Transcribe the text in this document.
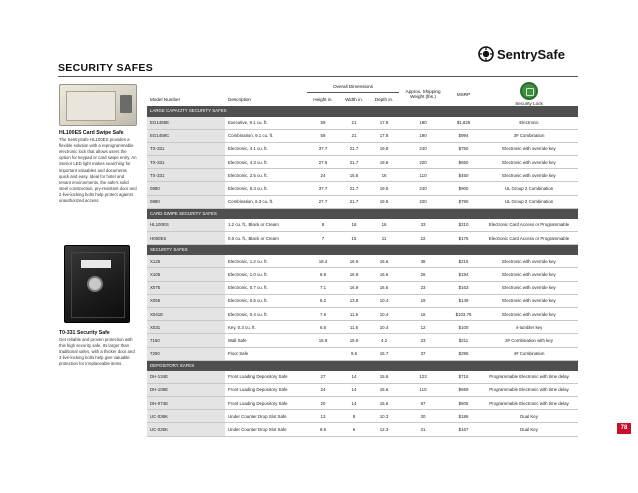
SECURITY SAFES
SentrySafe
HL100ES Card Swipe Safe

The SentrySafe HL100ES provides a flexible solution with a reprogrammable electronic lock that allows users the option for keypad or card swipe entry. An interior LED light makes searching for important valuables and documents quick and easy. Ideal for hotel and tenant environments, the safe's solid steel construction, pry-resistant door and 2 live-locking bolts help protect against unauthorized access.

T0-331 Security Safe

Get reliable and proven protection with this high security safe. Its larger than traditional safes, with a thicker door and 3 live-locking bolts help give valuable protection for irreplaceable items.

		Overall Dimensions			Approx. Shipping Weight (lbs.)	MSRP	Security Lock

Model Number	Description	Height in.	Width in.	Depth in.			
LARGE CAPACITY SECURITY SAFES							
EG1459E	Executive, 9.1 cu. ft.	59	21	17.8	190	$1,825	Electronic
EG1459C	Combination, 9.1 cu. ft.	59	21	17.8	190	$994	3# Combination
TX-331	Electronic, 4.1 cu. ft.	37.7	21.7	19.8	240	$750	Electronic with override key
TX-331	Electronic, 4.3 cu. ft.	27.6	21.7	19.8	220	$650	Electronic with override key
TX-331	Electronic, 2.5 cu. ft.	24	15.6	16	110	$450	Electronic with override key
0880	Electronic, 6.3 cu. ft.	37.7	21.7	19.5	240	$900	UL Group 2 Combination
0880	Combination, 6.3 cu. ft.	27.7	21.7	19.5	220	$790	UL Group 2 Combination
CARD SWIPE SECURITY SAFES							
HL100ES	1.2 cu. ft., Black or Cream	9	18	16	33	$210	Electronic Card Access or Programmable
H060ES	0.6 cu. ft., Black or Cream	7	15	11	22	$175	Electronic Card Access or Programmable
SECURITY SAFES							
X125	Electronic, 1.2 cu. ft.	18.4	16.9	16.6	38	$215	Electronic with override key
X105	Electronic, 1.0 cu. ft.	8.9	16.9	16.6	26	$194	Electronic with override key
X075	Electronic, 0.7 cu. ft.	7.1	16.9	16.6	23	$163	Electronic with override key
X055	Electronic, 0.5 cu. ft.	8.2	13.8	10.4	19	$149	Electronic with override key
X041E	Electronic, 0.4 cu. ft.	7.6	11.6	10.4	16	$103.75	Electronic with override key
X031	Key, 0.3 cu. ft.	6.6	11.6	10.4	12	$100	4-tumbler key
7150	Wall Safe	15.9	15.9	4.2	23	$211	3# Combination with key
7250	Floor Safe		9.6	15.7	37	$295	4# Combination
DEPOSITORY SAFES							
DH-134E	Front Loading Depository Safe	27	14	15.6	123	$716	Programmable Electronic with time delay
DH-109E	Front Loading Depository Safe	24	14	15.6	110	$659	Programmable Electronic with time delay
DH-074E	Front Loading Depository Safe	20	14	15.6	97	$605	Programmable Electronic with time delay
UC-039K	Under Counter Drop Slot Safe	13	8	10.3	30	$186	Dual Key
UC-025K	Under Counter Drop Slot Safe	8.5	6	12.3	21	$167	Dual Key	78
